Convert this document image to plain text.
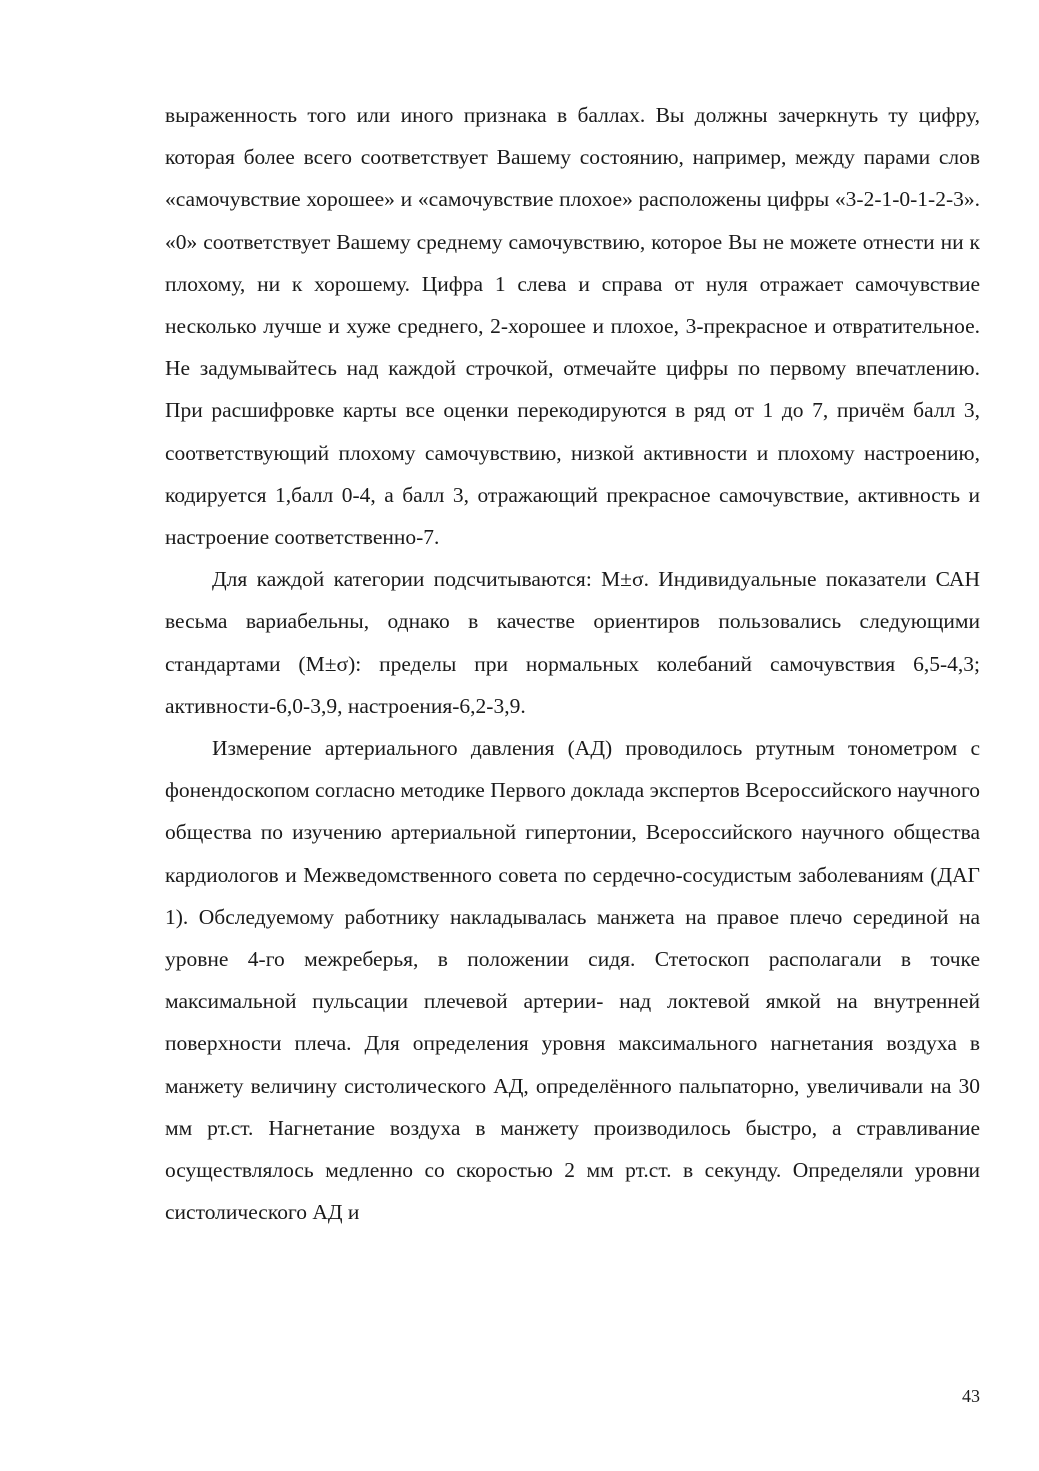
выраженность того или иного признака в баллах. Вы должны зачеркнуть ту цифру, которая более всего соответствует Вашему состоянию, например, между парами слов «самочувствие хорошее» и «самочувствие плохое» расположены цифры «3-2-1-0-1-2-3». «0» соответствует Вашему среднему самочувствию, которое Вы не можете отнести ни к плохому, ни к хорошему. Цифра 1 слева и справа от нуля отражает самочувствие несколько лучше и хуже среднего, 2-хорошее и плохое, 3-прекрасное и отвратительное. Не задумывайтесь над каждой строчкой, отмечайте цифры по первому впечатлению. При расшифровке карты все оценки перекодируются в ряд от 1 до 7, причём балл 3, соответствующий плохому самочувствию, низкой активности и плохому настроению, кодируется 1,балл 0-4, а балл 3, отражающий прекрасное самочувствие, активность и настроение соответственно-7.

Для каждой категории подсчитываются: M±σ. Индивидуальные показатели САН весьма вариабельны, однако в качестве ориентиров пользовались следующими стандартами (M±σ): пределы при нормальных колебаний самочувствия 6,5-4,3; активности-6,0-3,9, настроения-6,2-3,9.

Измерение артериального давления (АД) проводилось ртутным тонометром с фонендоскопом согласно методике Первого доклада экспертов Всероссийского научного общества по изучению артериальной гипертонии, Всероссийского научного общества кардиологов и Межведомственного совета по сердечно-сосудистым заболеваниям (ДАГ 1). Обследуемому работнику накладывалась манжета на правое плечо серединой на уровне 4-го межреберья, в положении сидя. Стетоскоп располагали в точке максимальной пульсации плечевой артерии- над локтевой ямкой на внутренней поверхности плеча. Для определения уровня максимального нагнетания воздуха в манжету величину систолического АД, определённого пальпаторно, увеличивали на 30 мм рт.ст. Нагнетание воздуха в манжету производилось быстро, а стравливание осуществлялось медленно со скоростью 2 мм рт.ст. в секунду. Определяли уровни систолического АД и

43
